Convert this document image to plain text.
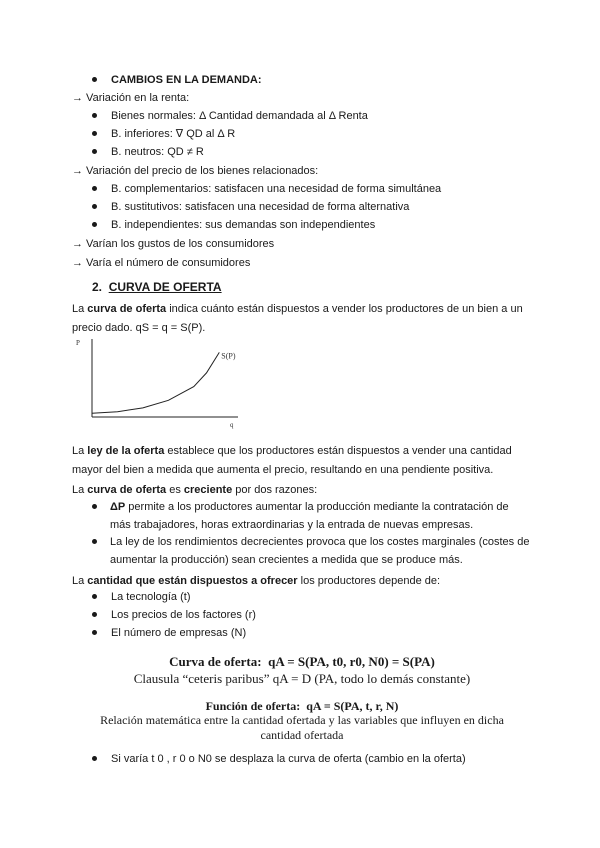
CAMBIOS EN LA DEMANDA:
→ Variación en la renta:
Bienes normales: Δ Cantidad demandada al Δ Renta
B. inferiores: ∇ QD al Δ R
B. neutros: QD ≠ R
→ Variación del precio de los bienes relacionados:
B. complementarios: satisfacen una necesidad de forma simultánea
B. sustitutivos: satisfacen una necesidad de forma alternativa
B. independientes: sus demandas son independientes
→ Varían los gustos de los consumidores
→ Varía el número de consumidores
2. CURVA DE OFERTA
La curva de oferta indica cuánto están dispuestos a vender los productores de un bien a un precio dado. qS = q = S(P).
P
S(P)
q
La ley de la oferta establece que los productores están dispuestos a vender una cantidad mayor del bien a medida que aumenta el precio, resultando en una pendiente positiva.
La curva de oferta es creciente por dos razones:
ΔP permite a los productores aumentar la producción mediante la contratación de más trabajadores, horas extraordinarias y la entrada de nuevas empresas.
La ley de los rendimientos decrecientes provoca que los costes marginales (costes de aumentar la producción) sean crecientes a medida que se produce más.
La cantidad que están dispuestos a ofrecer los productores depende de:
La tecnología (t)
Los precios de los factores (r)
El número de empresas (N)
Curva de oferta: qA = S(PA, t0, r0, N0) = S(PA)
Clausula “ceteris paribus” qA = D (PA, todo lo demás constante)
Función de oferta: qA = S(PA, t, r, N)
Relación matemática entre la cantidad ofertada y las variables que influyen en dicha cantidad ofertada
Si varía t 0 , r 0 o N0 se desplaza la curva de oferta (cambio en la oferta)
